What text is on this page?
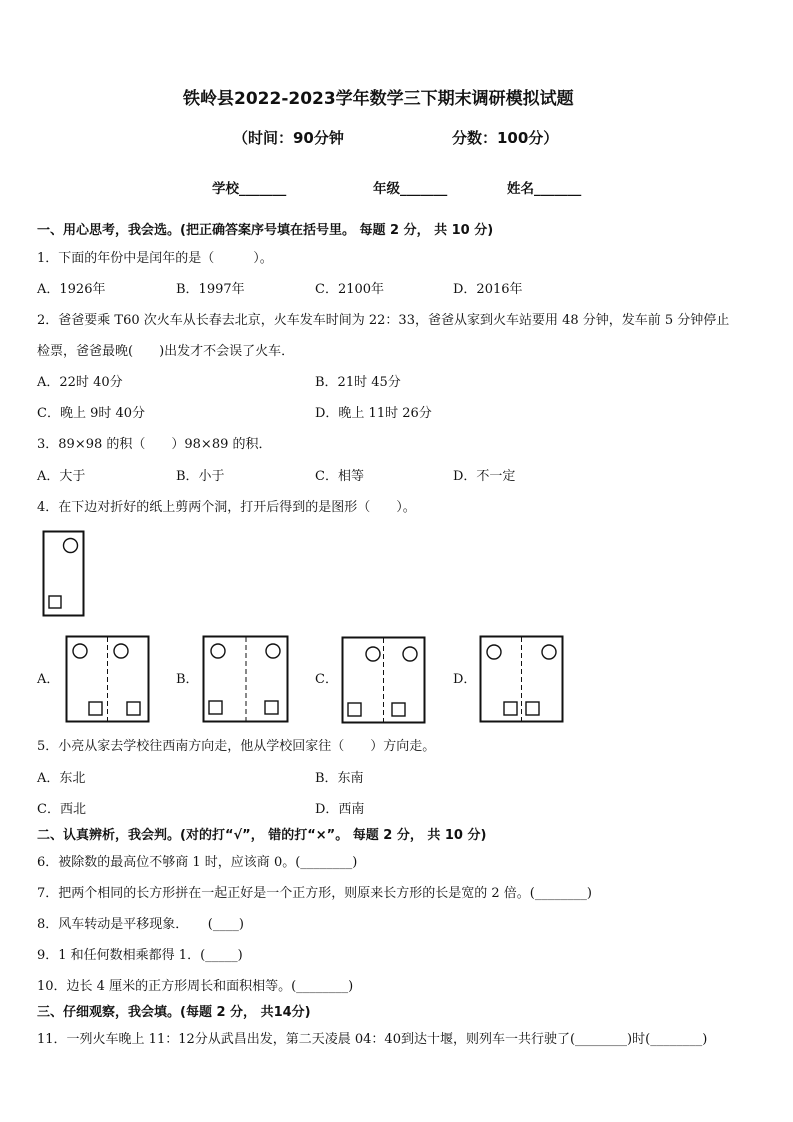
铁岭县2022-2023学年数学三下期末调研模拟试题
（时间：90分钟	分数：100分）
学校_______	年级_______	姓名_______
一、用心思考，我会选。(把正确答案序号填在括号里。 每题 2 分， 共 10 分)
1．下面的年份中是闰年的是（　　　）。
A．1926年	B．1997年	C．2100年	D．2016年
2．爸爸要乘 T60 次火车从长春去北京，火车发车时间为 22：33，爸爸从家到火车站要用 48 分钟，发车前 5 分钟停止
检票，爸爸最晚(　　)出发才不会误了火车．
A．22时 40分	B．21时 45分
C．晚上 9时 40分	D．晚上 11时 26分
3．89×98 的积（　　）98×89 的积．
A．大于	B．小于	C．相等	D．不一定
4．在下边对折好的纸上剪两个洞，打开后得到的是图形（　　）。
A．	B．	C．	D．
5．小亮从家去学校往西南方向走，他从学校回家往（　　）方向走。
A．东北	B．东南
C．西北	D．西南
二、认真辨析，我会判。(对的打“√”， 错的打“×”。 每题 2 分， 共 10 分)
6．被除数的最高位不够商 1 时，应该商 0。(________)
7．把两个相同的长方形拼在一起正好是一个正方形，则原来长方形的长是宽的 2 倍。(________)
8．风车转动是平移现象．　　(____)
9．1 和任何数相乘都得 1．(_____)
10．边长 4 厘米的正方形周长和面积相等。(________)
三、仔细观察，我会填。(每题 2 分， 共14分)
11．一列火车晚上 11：12分从武昌出发，第二天凌晨 04：40到达十堰，则列车一共行驶了(________)时(________)
